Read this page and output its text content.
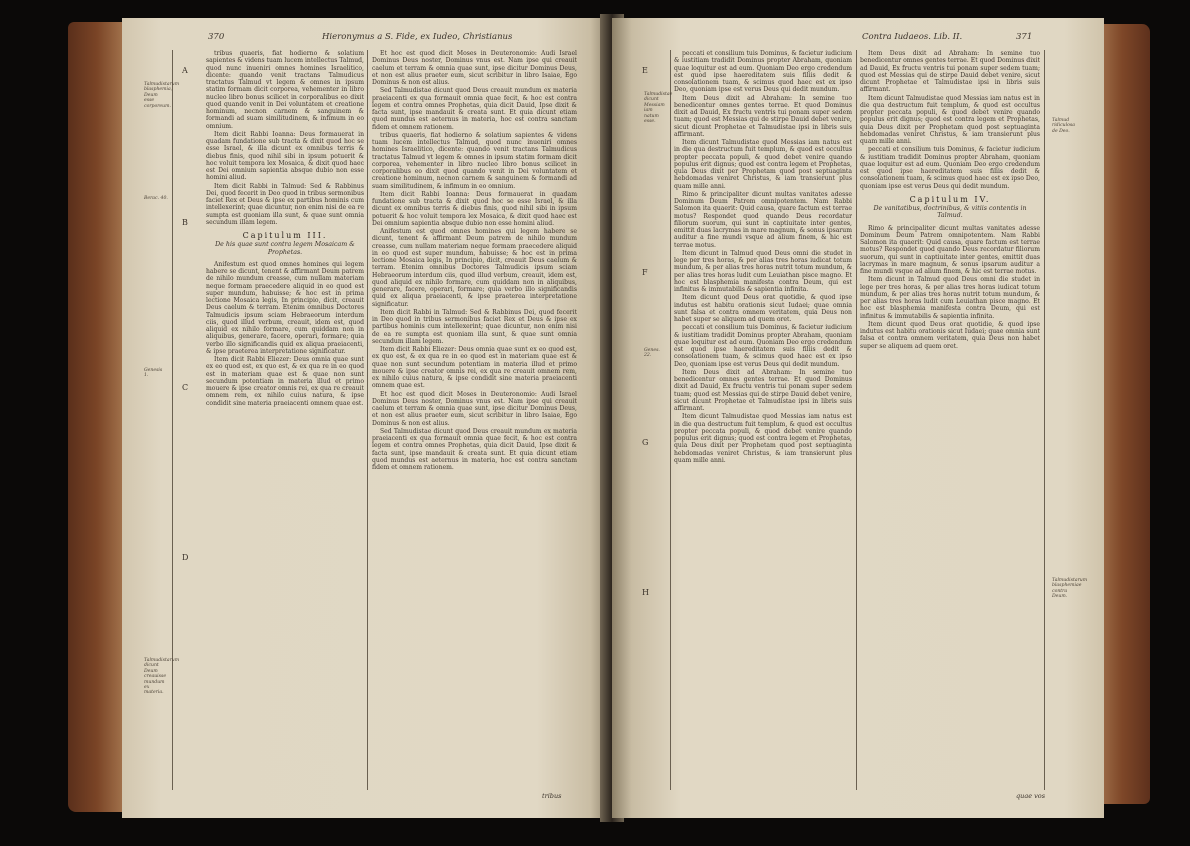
370	Hieronymus a S. Fide, ex Iudeo, Christianus
A
B
C
D
Talmudistarum blasphemia, Deum esse corporeum.
Berac. 40.
Genesis 1.
Talmudistarum dicunt Deum creauisse mundum ex materia.

tribus quaeris, fiat hodierno & solatium sapientes & videns tuam lucem intellectus Talmud, quod nunc inueniri omnes homines Israelitico, dicente: quando venit tractans Talmudicus tractatus Talmud vt legem & omnes in ipsum statim formam dicit corporea, vehementer in libro nucleo libro bonus scilicet in corporalibus eo dixit quod quando venit in Dei voluntatem et creatione hominum, necnon carnem & sanguinem & formandi ad suam similitudinem, & infimum in eo omnium.

Item dicit Rabbi Ioanna: Deus formauerat in quadam fundatione sub tracta & dixit quod hoc se esse Israel, & illa dicunt ex omnibus terris & diebus finis, quod nihil sibi in ipsum potuerit & hoc voluit tempora lex Mosaica, & dixit quod haec est Dei omnium sapientia absque dubio non esse homini aliud.

Item dicit Rabbi in Talmud: Sed & Rabbinus Dei, quod fecerit in Deo quod in tribus sermonibus faciet Rex et Deus & ipse ex partibus hominis cum intellexerint; quae dicuntur, non enim nisi de ea re sumpta est quoniam illa sunt, & quae sunt omnia secundum illam legem.

Capitulum III.
De his quae sunt contra legem Mosaicam & Prophetas.

Anifestum est quod omnes homines qui legem habere se dicunt, tenent & affirmant Deum patrem de nihilo mundum creasse, cum nullam materiam neque formam praecedere aliquid in eo quod est super mundum, habuisse; & hoc est in prima lectione Mosaica legis, In principio, dicit, creauit Deus caelum & terram. Etenim omnibus Doctores Talmudicis ipsum sciam Hebraeorum interdum ciis, quod illud verbum, creauit, idem est, quod aliquid ex nihilo formare, cum quiddam non in aliquibus, generare, facere, operari, formare; quia verbo illo significandis quid ex aliqua praeiacenti, & ipse praeterea interpretatione significatur.

Item dicit Rabbi Eliezer: Deus omnia quae sunt ex eo quod est, ex quo est, & ex qua re in eo quod est in materiam quae est & quae non sunt secundum potentiam in materia illud et primo mouere & ipse creator omnis rei, ex qua re creauit omnem rem, ex nihilo cuius natura, & ipse condidit sine materia praeiacenti omnem quae est.

Et hoc est quod dicit Moses in Deuteronomio: Audi Israel Dominus Deus noster, Dominus vnus est. Nam ipse qui creauit caelum et terram & omnia quae sunt, ipse dicitur Dominus Deus, et non est alius praeter eum, sicut scribitur in libro Isaiae, Ego Dominus & non est alius.

Sed Talmudistae dicunt quod Deus creauit mundum ex materia praeiacenti ex qua formauit omnia quae fecit, & hoc est contra legem et contra omnes Prophetas, quia dicit Dauid, Ipse dixit & facta sunt, ipse mandauit & creata sunt. Et quia dicunt etiam quod mundus est aeternus in materia, hoc est contra sanctam fidem et omnem rationem.

tribus quaeris, fiat hodierno & solatium sapientes & videns tuam lucem intellectus Talmud, quod nunc inueniri omnes homines Israelitico, dicente: quando venit tractans Talmudicus tractatus Talmud vt legem & omnes in ipsum statim formam dicit corporea, vehementer in libro nucleo libro bonus scilicet in corporalibus eo dixit quod quando venit in Dei voluntatem et creatione hominum, necnon carnem & sanguinem & formandi ad suam similitudinem, & infimum in eo omnium.

Item dicit Rabbi Ioanna: Deus formauerat in quadam fundatione sub tracta & dixit quod hoc se esse Israel, & illa dicunt ex omnibus terris & diebus finis, quod nihil sibi in ipsum potuerit & hoc voluit tempora lex Mosaica, & dixit quod haec est Dei omnium sapientia absque dubio non esse homini aliud.

Anifestum est quod omnes homines qui legem habere se dicunt, tenent & affirmant Deum patrem de nihilo mundum creasse, cum nullam materiam neque formam praecedere aliquid in eo quod est super mundum, habuisse; & hoc est in prima lectione Mosaica legis, In principio, dicit, creauit Deus caelum & terram. Etenim omnibus Doctores Talmudicis ipsum sciam Hebraeorum interdum ciis, quod illud verbum, creauit, idem est, quod aliquid ex nihilo formare, cum quiddam non in aliquibus, generare, facere, operari, formare; quia verbo illo significandis quid ex aliqua praeiacenti, & ipse praeterea interpretatione significatur.

Item dicit Rabbi in Talmud: Sed & Rabbinus Dei, quod fecerit in Deo quod in tribus sermonibus faciet Rex et Deus & ipse ex partibus hominis cum intellexerint; quae dicuntur, non enim nisi de ea re sumpta est quoniam illa sunt, & quae sunt omnia secundum illam legem.

Item dicit Rabbi Eliezer: Deus omnia quae sunt ex eo quod est, ex quo est, & ex qua re in eo quod est in materiam quae est & quae non sunt secundum potentiam in materia illud et primo mouere & ipse creator omnis rei, ex qua re creauit omnem rem, ex nihilo cuius natura, & ipse condidit sine materia praeiacenti omnem quae est.

Et hoc est quod dicit Moses in Deuteronomio: Audi Israel Dominus Deus noster, Dominus vnus est. Nam ipse qui creauit caelum et terram & omnia quae sunt, ipse dicitur Dominus Deus, et non est alius praeter eum, sicut scribitur in libro Isaiae, Ego Dominus & non est alius.

Sed Talmudistae dicunt quod Deus creauit mundum ex materia praeiacenti ex qua formauit omnia quae fecit, & hoc est contra legem et contra omnes Prophetas, quia dicit Dauid, Ipse dixit & facta sunt, ipse mandauit & creata sunt. Et quia dicunt etiam quod mundus est aeternus in materia, hoc est contra sanctam fidem et omnem rationem.

tribus
Contra Iudaeos. Lib. II.	371
E
F
G
H
Talmudistae dicunt Messiam iam natum esse.
Genes. 22.
Talmud ridiculosa de Deo.
Talmudistarum blasphemiae contra Deum.

peccati et consilium tuis Dominus, & facietur iudicium & iustitiam tradidit Dominus propter Abraham, quoniam quae loquitur est ad eum. Quoniam Deo ergo credendum est quod ipse haereditatem suis filiis dedit & consolationem tuam, & scimus quod haec est ex ipso Deo, quoniam ipse est verus Deus qui dedit mundum.

Item Deus dixit ad Abraham: In semine tuo benedicentur omnes gentes terrae. Et quod Dominus dixit ad Dauid, Ex fructu ventris tui ponam super sedem tuam; quod est Messias qui de stirpe Dauid debet venire, sicut dicunt Prophetae et Talmudistae ipsi in libris suis affirmant.

Item dicunt Talmudistae quod Messias iam natus est in die qua destructum fuit templum, & quod est occultus propter peccata populi, & quod debet venire quando populus erit dignus; quod est contra legem et Prophetas, quia Deus dixit per Prophetam quod post septuaginta hebdomadas veniret Christus, & iam transierunt plus quam mille anni.

Rimo & principaliter dicunt multas vanitates adesse Dominum Deum Patrem omnipotentem. Nam Rabbi Salomon ita quaerit: Quid causa, quare factum est terrae motus? Respondet quod quando Deus recordatur filiorum suorum, qui sunt in captiuitate inter gentes, emittit duas lacrymas in mare magnum, & sonus ipsarum auditur a fine mundi vsque ad alium finem, & hic est terrae motus.

Item dicunt in Talmud quod Deus omni die studet in lege per tres horas, & per alias tres horas iudicat totum mundum, & per alias tres horas nutrit totum mundum, & per alias tres horas ludit cum Leuiathan pisce magno. Et hoc est blasphemia manifesta contra Deum, qui est infinitus & immutabilis & sapientia infinita.

Item dicunt quod Deus orat quotidie, & quod ipse indutus est habitu orationis sicut Iudaei; quae omnia sunt falsa et contra omnem veritatem, quia Deus non habet super se aliquem ad quem oret.

peccati et consilium tuis Dominus, & facietur iudicium & iustitiam tradidit Dominus propter Abraham, quoniam quae loquitur est ad eum. Quoniam Deo ergo credendum est quod ipse haereditatem suis filiis dedit & consolationem tuam, & scimus quod haec est ex ipso Deo, quoniam ipse est verus Deus qui dedit mundum.

Item Deus dixit ad Abraham: In semine tuo benedicentur omnes gentes terrae. Et quod Dominus dixit ad Dauid, Ex fructu ventris tui ponam super sedem tuam; quod est Messias qui de stirpe Dauid debet venire, sicut dicunt Prophetae et Talmudistae ipsi in libris suis affirmant.

Item dicunt Talmudistae quod Messias iam natus est in die qua destructum fuit templum, & quod est occultus propter peccata populi, & quod debet venire quando populus erit dignus; quod est contra legem et Prophetas, quia Deus dixit per Prophetam quod post septuaginta hebdomadas veniret Christus, & iam transierunt plus quam mille anni.

Item Deus dixit ad Abraham: In semine tuo benedicentur omnes gentes terrae. Et quod Dominus dixit ad Dauid, Ex fructu ventris tui ponam super sedem tuam; quod est Messias qui de stirpe Dauid debet venire, sicut dicunt Prophetae et Talmudistae ipsi in libris suis affirmant.

Item dicunt Talmudistae quod Messias iam natus est in die qua destructum fuit templum, & quod est occultus propter peccata populi, & quod debet venire quando populus erit dignus; quod est contra legem et Prophetas, quia Deus dixit per Prophetam quod post septuaginta hebdomadas veniret Christus, & iam transierunt plus quam mille anni.

peccati et consilium tuis Dominus, & facietur iudicium & iustitiam tradidit Dominus propter Abraham, quoniam quae loquitur est ad eum. Quoniam Deo ergo credendum est quod ipse haereditatem suis filiis dedit & consolationem tuam, & scimus quod haec est ex ipso Deo, quoniam ipse est verus Deus qui dedit mundum.

Capitulum IV.
De vanitatibus, doctrinibus, & vitiis contentis in Talmud.

Rimo & principaliter dicunt multas vanitates adesse Dominum Deum Patrem omnipotentem. Nam Rabbi Salomon ita quaerit: Quid causa, quare factum est terrae motus? Respondet quod quando Deus recordatur filiorum suorum, qui sunt in captiuitate inter gentes, emittit duas lacrymas in mare magnum, & sonus ipsarum auditur a fine mundi vsque ad alium finem, & hic est terrae motus.

Item dicunt in Talmud quod Deus omni die studet in lege per tres horas, & per alias tres horas iudicat totum mundum, & per alias tres horas nutrit totum mundum, & per alias tres horas ludit cum Leuiathan pisce magno. Et hoc est blasphemia manifesta contra Deum, qui est infinitus & immutabilis & sapientia infinita.

Item dicunt quod Deus orat quotidie, & quod ipse indutus est habitu orationis sicut Iudaei; quae omnia sunt falsa et contra omnem veritatem, quia Deus non habet super se aliquem ad quem oret.

quae vos
